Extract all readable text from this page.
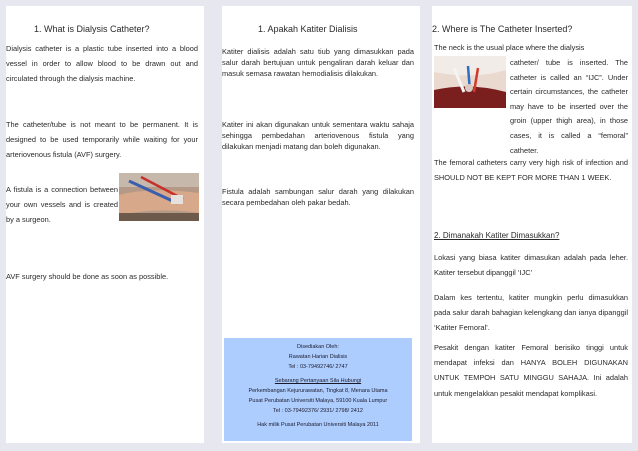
1. What is Dialysis Catheter?
Dialysis catheter is a plastic tube inserted into a blood vessel in order to allow blood to be drawn out and circulated through the dialysis machine.
The catheter/tube is not meant to be permanent. It is designed to be used temporarily while waiting for your arteriovenous fistula (AVF) surgery.
A fistula is a connection between your own vessels and is created by a surgeon.
AVF surgery should be done as soon as possible.
1. Apakah Katiter Dialisis
Katiter dialisis adalah satu tiub yang dimasukkan pada salur darah bertujuan untuk pengaliran darah keluar dan masuk semasa rawatan hemodialisis dilakukan.
Katiter ini akan digunakan untuk sementara waktu sahaja sehingga pembedahan arteriovenous fistula yang dilakukan menjadi matang dan boleh digunakan.
Fistula adalah sambungan salur darah yang dilakukan secara pembedahan oleh pakar bedah.
Disediakan Oleh:
Rawatan Harian Dialisis
Tel : 03-79492746/ 2747
Sebarang Pertanyaan Sila Hubungi
Perkembangan Kejururawatan, Tingkat 8, Menara Utama
Pusat Perubatan Universiti Malaya, 59100 Kuala Lumpur
Tel : 03-79492376/ 2931/ 2798/ 2412
Hak milik Pusat Perubatan Universiti Malaya 2011
2. Where is The Catheter Inserted?
The neck is the usual place where the dialysis
catheter/ tube is inserted. The catheter is called an “IJC”. Under certain circumstances, the catheter may have to be inserted over the groin (upper thigh area), in those cases, it is called a “femoral” catheter.
The femoral catheters carry very high risk of infection and SHOULD NOT BE KEPT FOR MORE THAN 1 WEEK.
2. Dimanakah Katiter Dimasukkan?
Lokasi yang biasa katiter dimasukan adalah pada leher. Katiter tersebut dipanggil ‘IJC’
Dalam kes tertentu, katiter mungkin perlu dimasukkan pada salur darah bahagian kelengkang dan ianya dipanggil ‘Katiter Femoral’.
Pesakit dengan katiter Femoral berisiko tinggi untuk mendapat infeksi dan HANYA BOLEH DIGUNAKAN UNTUK TEMPOH SATU MINGGU SAHAJA. Ini adalah untuk mengelakkan pesakit mendapat komplikasi.
